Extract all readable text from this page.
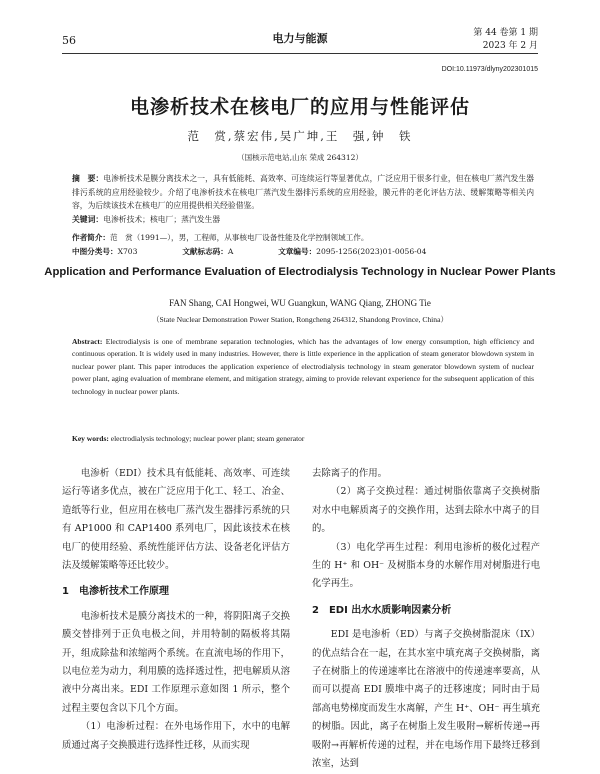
56	电力与能源	第 44 卷第 1 期
2023 年 2 月
DOI:10.11973/dlyny202301015
电渗析技术在核电厂的应用与性能评估
范　赏,蔡宏伟,吴广坤,王　强,钟　铁
（国核示范电站,山东 荣成 264312）
摘　要：电渗析技术是膜分离技术之一，具有低能耗、高效率、可连续运行等显著优点，广泛应用于很多行业，但在核电厂蒸汽发生器排污系统的应用经验较少。介绍了电渗析技术在核电厂蒸汽发生器排污系统的应用经验，膜元件的老化评估方法、缓解策略等相关内容，为后续该技术在核电厂的应用提供相关经验借鉴。
关键词：电渗析技术；核电厂；蒸汽发生器
作者简介：范　赏（1991—），男，工程师，从事核电厂设备性能及化学控制领域工作。
中图分类号：X703	文献标志码：A	文章编号：2095-1256(2023)01-0056-04
Application and Performance Evaluation of Electrodialysis Technology in Nuclear Power Plants
FAN Shang, CAI Hongwei, WU Guangkun, WANG Qiang, ZHONG Tie
（State Nuclear Demonstration Power Station, Rongcheng 264312, Shandong Province, China）
Abstract: Electrodialysis is one of membrane separation technologies, which has the advantages of low energy consumption, high efficiency and continuous operation. It is widely used in many industries. However, there is little experience in the application of steam generator blowdown system in nuclear power plant. This paper introduces the application experience of electrodialysis technology in steam generator blowdown system of nuclear power plant, aging evaluation of membrane element, and mitigation strategy, aiming to provide relevant experience for the subsequent application of this technology in nuclear power plants.
Key words: electrodialysis technology; nuclear power plant; steam generator

电渗析（EDI）技术具有低能耗、高效率、可连续运行等诸多优点，被在广泛应用于化工、轻工、冶金、造纸等行业，但应用在核电厂蒸汽发生器排污系统的只有 AP1000 和 CAP1400 系列电厂，因此该技术在核电厂的使用经验、系统性能评估方法、设备老化评估方法及缓解策略等还比较少。

1　电渗析技术工作原理

电渗析技术是膜分离技术的一种，将阴阳离子交换膜交替排列于正负电极之间，并用特制的隔板将其隔开，组成除盐和浓缩两个系统。在直流电场的作用下，以电位差为动力，利用膜的选择透过性，把电解质从溶液中分离出来。EDI 工作原理示意如图 1 所示，整个过程主要包含以下几个方面。

（1）电渗析过程：在外电场作用下，水中的电解质通过离子交换膜进行选择性迁移，从而实现

去除离子的作用。

（2）离子交换过程：通过树脂依靠离子交换树脂对水中电解质离子的交换作用，达到去除水中离子的目的。

（3）电化学再生过程：利用电渗析的极化过程产生的 H⁺ 和 OH⁻ 及树脂本身的水解作用对树脂进行电化学再生。

2　EDI 出水水质影响因素分析

EDI 是电渗析（ED）与离子交换树脂混床（IX）的优点结合在一起，在其水室中填充离子交换树脂，离子在树脂上的传递速率比在溶液中的传递速率要高，从而可以提高 EDI 膜堆中离子的迁移速度；同时由于局部高电势梯度而发生水离解，产生 H⁺、OH⁻ 再生填充的树脂。因此，离子在树脂上发生吸附→解析传递→再吸附→再解析传递的过程，并在电场作用下最终迁移到浓室，达到
